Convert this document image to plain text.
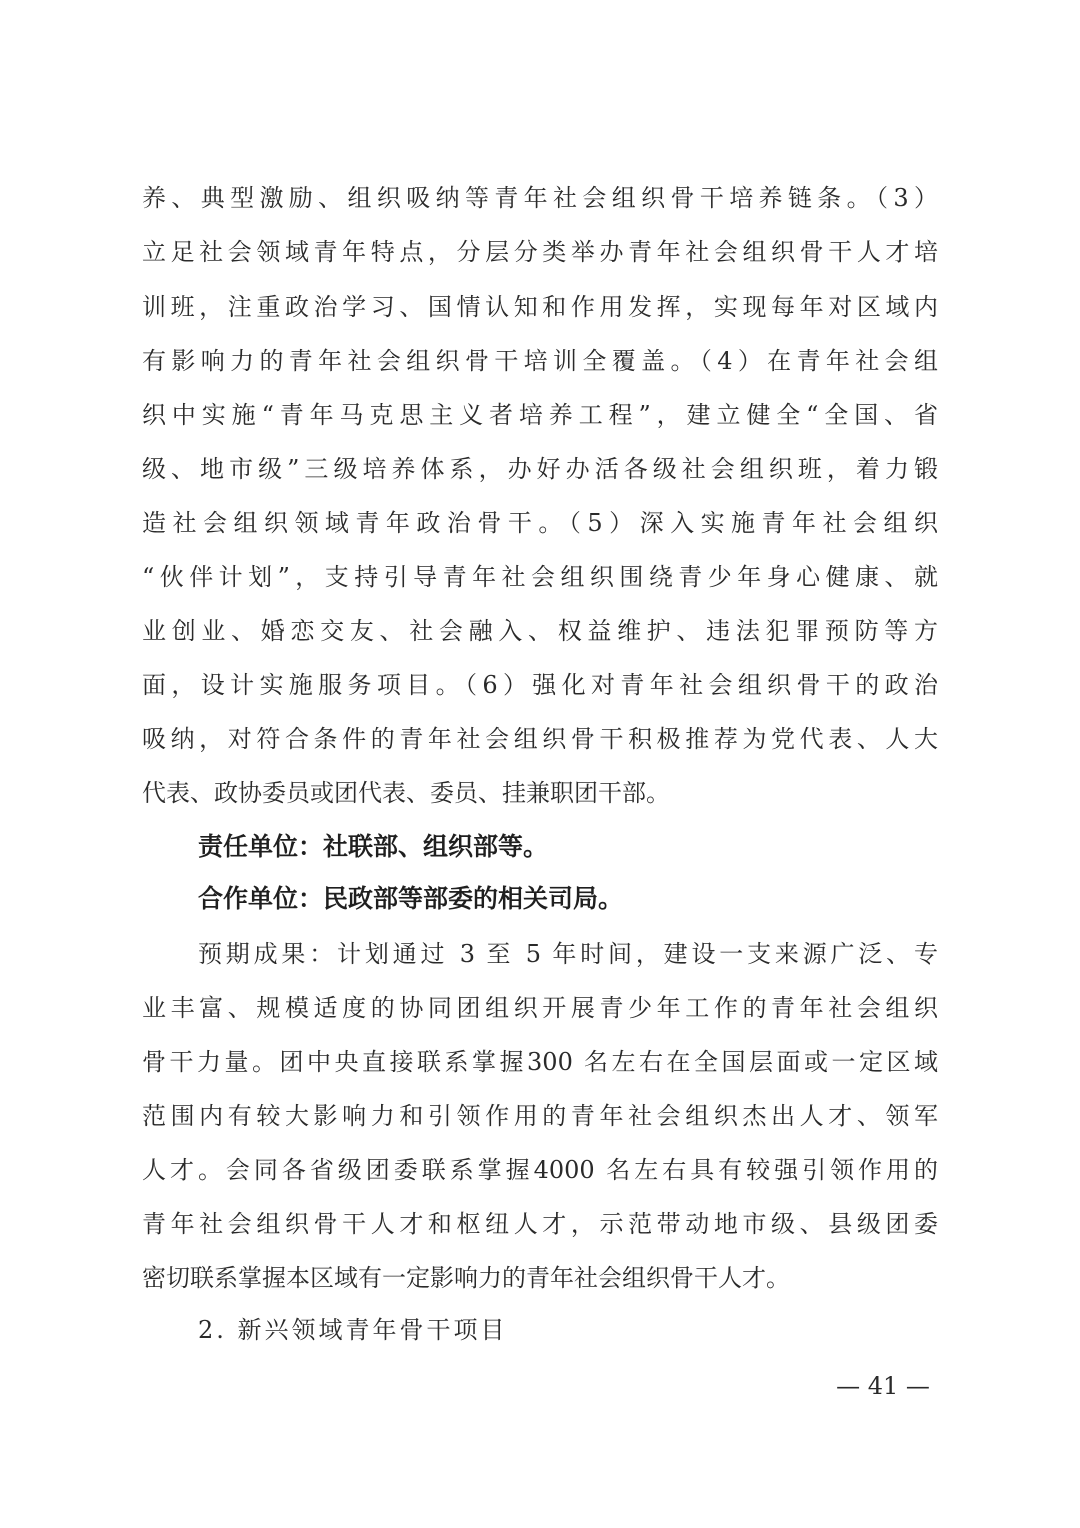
养、典型激励、组织吸纳等青年社会组织骨干培养链条。（3）
立足社会领域青年特点，分层分类举办青年社会组织骨干人才培
训班，注重政治学习、国情认知和作用发挥，实现每年对区域内
有影响力的青年社会组织骨干培训全覆盖。（4）在青年社会组
织中实施“青年马克思主义者培养工程”，建立健全“全国、省
级、地市级”三级培养体系，办好办活各级社会组织班，着力锻
造社会组织领域青年政治骨干。（5）深入实施青年社会组织
“伙伴计划”，支持引导青年社会组织围绕青少年身心健康、就
业创业、婚恋交友、社会融入、权益维护、违法犯罪预防等方
面，设计实施服务项目。（6）强化对青年社会组织骨干的政治
吸纳，对符合条件的青年社会组织骨干积极推荐为党代表、人大
代表、政协委员或团代表、委员、挂兼职团干部。
责任单位：社联部、组织部等。
合作单位：民政部等部委的相关司局。
预期成果：计划通过 3 至 5 年时间，建设一支来源广泛、专
业丰富、规模适度的协同团组织开展青少年工作的青年社会组织
骨干力量。团中央直接联系掌握300 名左右在全国层面或一定区域
范围内有较大影响力和引领作用的青年社会组织杰出人才、领军
人才。会同各省级团委联系掌握4000 名左右具有较强引领作用的
青年社会组织骨干人才和枢纽人才，示范带动地市级、县级团委
密切联系掌握本区域有一定影响力的青年社会组织骨干人才。
2. 新兴领域青年骨干项目
— 41 —
